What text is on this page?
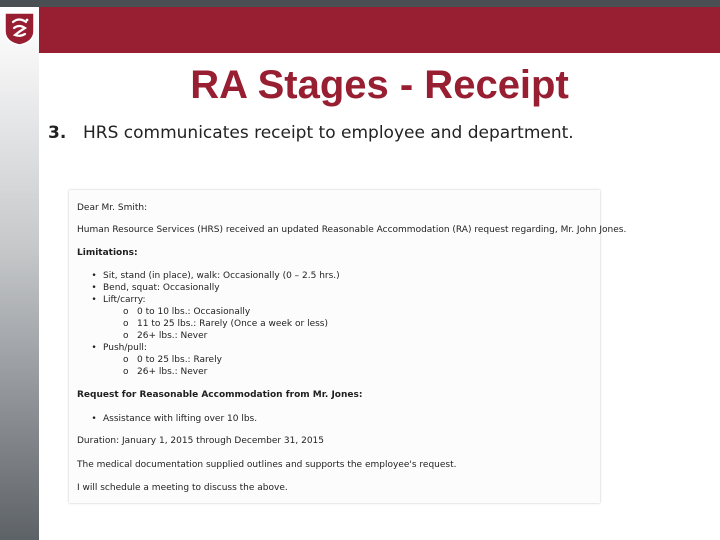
RA Stages - Receipt
3. HRS communicates receipt to employee and department.
Dear Mr. Smith:
Human Resource Services (HRS) received an updated Reasonable Accommodation (RA) request regarding, Mr. John Jones.
Limitations:
• Sit, stand (in place), walk: Occasionally (0 – 2.5 hrs.)
• Bend, squat: Occasionally
• Lift/carry:
o 0 to 10 lbs.: Occasionally
o 11 to 25 lbs.: Rarely (Once a week or less)
o 26+ lbs.: Never
• Push/pull:
o 0 to 25 lbs.: Rarely
o 26+ lbs.: Never
Request for Reasonable Accommodation from Mr. Jones:
• Assistance with lifting over 10 lbs.
Duration: January 1, 2015 through December 31, 2015
The medical documentation supplied outlines and supports the employee's request.
I will schedule a meeting to discuss the above.
